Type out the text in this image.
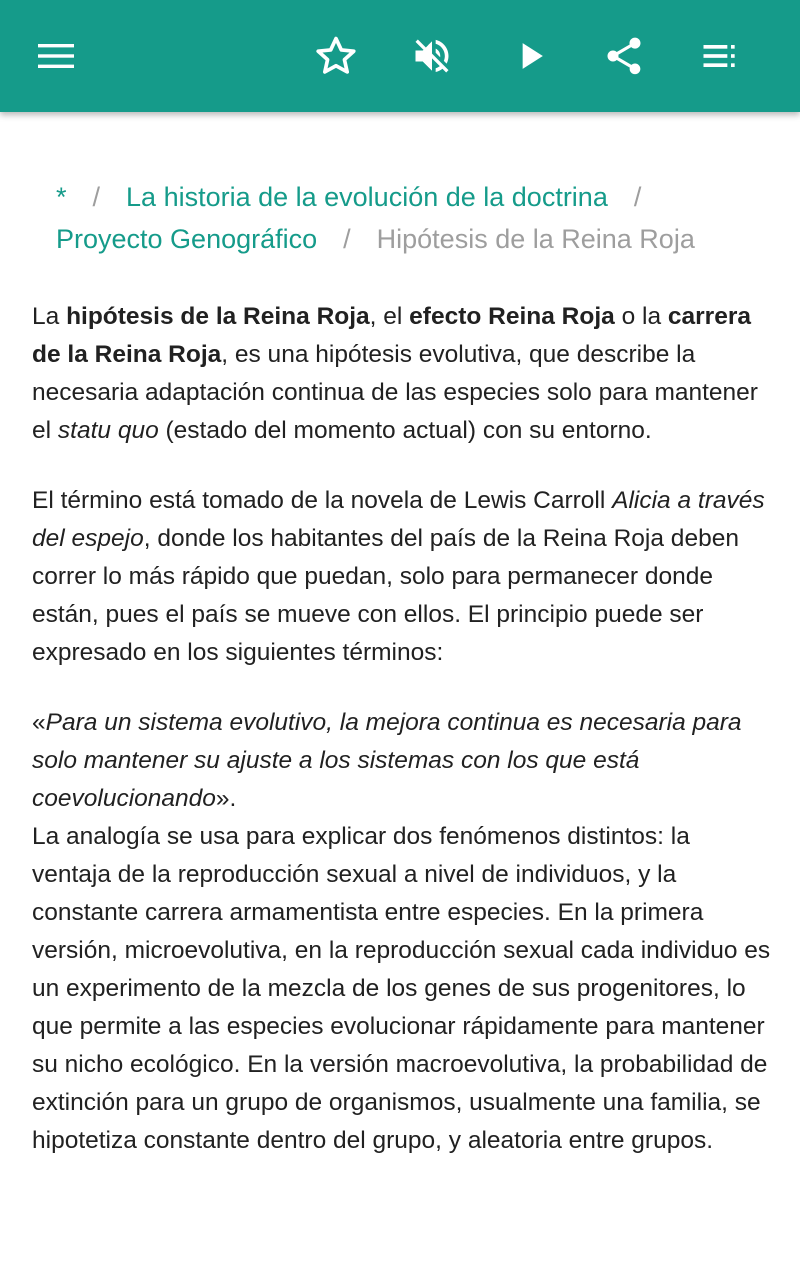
* / La historia de la evolución de la doctrina /
Proyecto Genográfico / Hipótesis de la Reina Roja

La hipótesis de la Reina Roja, el efecto Reina Roja o la carrera de la Reina Roja, es una hipótesis evolutiva, que describe la necesaria adaptación continua de las especies solo para mantener el statu quo (estado del momento actual) con su entorno.

El término está tomado de la novela de Lewis Carroll Alicia a través del espejo, donde los habitantes del país de la Reina Roja deben correr lo más rápido que puedan, solo para permanecer donde están, pues el país se mueve con ellos. El principio puede ser expresado en los siguientes términos:

«Para un sistema evolutivo, la mejora continua es necesaria para solo mantener su ajuste a los sistemas con los que está coevolucionando».

La analogía se usa para explicar dos fenómenos distintos: la ventaja de la reproducción sexual a nivel de individuos, y la constante carrera armamentista entre especies. En la primera versión, microevolutiva, en la reproducción sexual cada individuo es un experimento de la mezcla de los genes de sus progenitores, lo que permite a las especies evolucionar rápidamente para mantener su nicho ecológico. En la versión macroevolutiva, la probabilidad de extinción para un grupo de organismos, usualmente una familia, se hipotetiza constante dentro del grupo, y aleatoria entre grupos.
